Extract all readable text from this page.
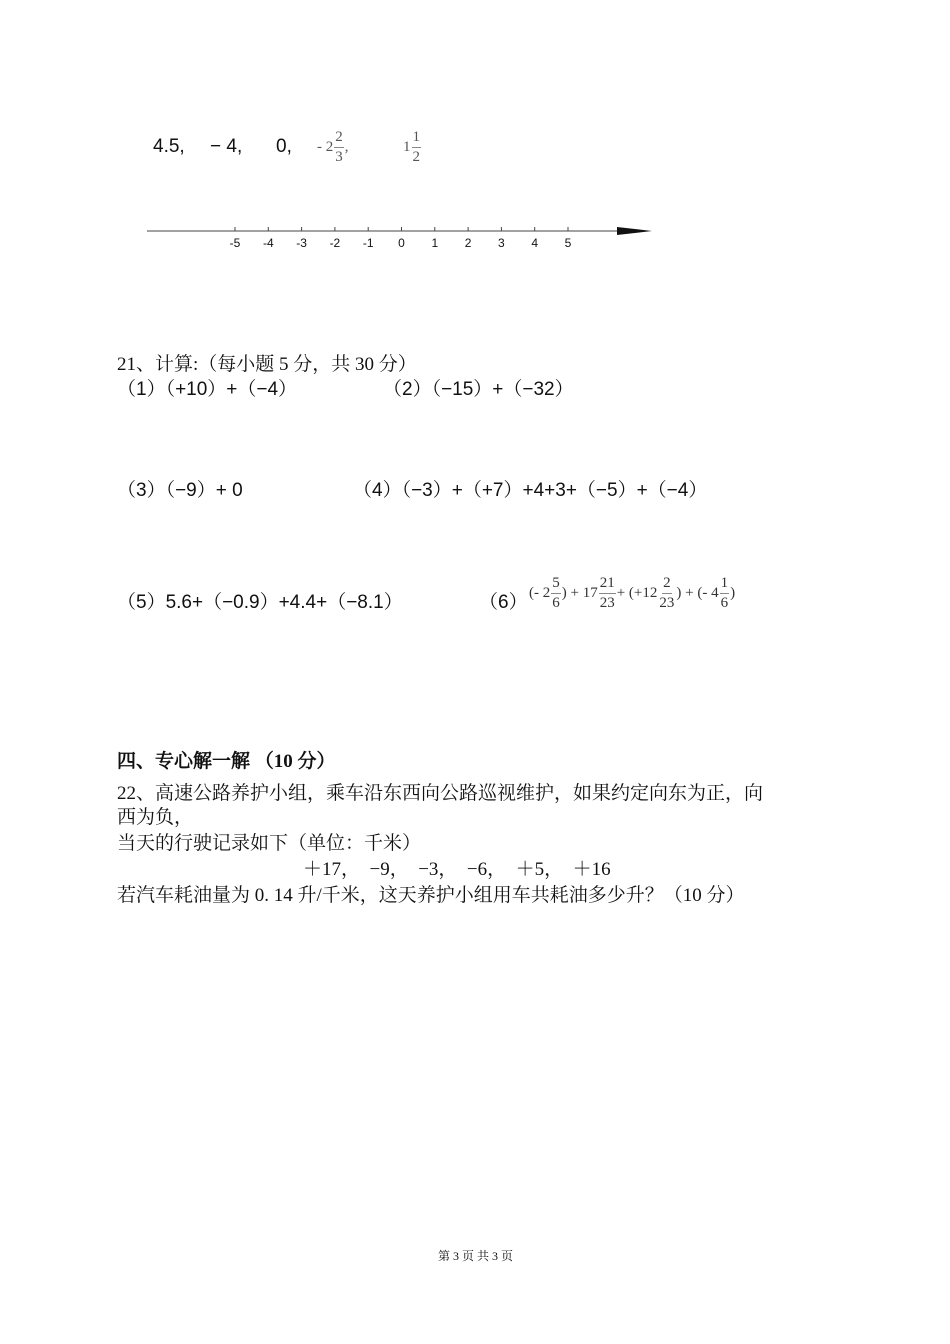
4.5, − 4, 0, - $2 \frac{2}{3}$ ,	$1 \frac{1}{2}$
-5 -4 -3 -2 -1 0 1 2 3 4 5
21、计算:（每小题 5 分，共 30 分）
（1）（+10）+（−4）	（2）（−15）+（−32）
（3）（−9）+ 0	（4）（−3）+（+7）+4+3+（−5）+（−4）
（5）5.6+（−0.9）+4.4+（−8.1）	（6） (- $2 \frac{5}{6}$ ) + $17 \frac{21}{23} + (+12 \frac{2}{23}$ ) + (- $4 \frac{1}{6}$ )
四、专心解一解 （10 分）
22、高速公路养护小组，乘车沿东西向公路巡视维护，如果约定向东为正，向
西为负，
当天的行驶记录如下（单位：千米）
＋17，  −9，  −3，  −6，  ＋5，  ＋16
若汽车耗油量为 0. 14 升/千米，这天养护小组用车共耗油多少升？（10 分）
第 3 页 共 3 页
